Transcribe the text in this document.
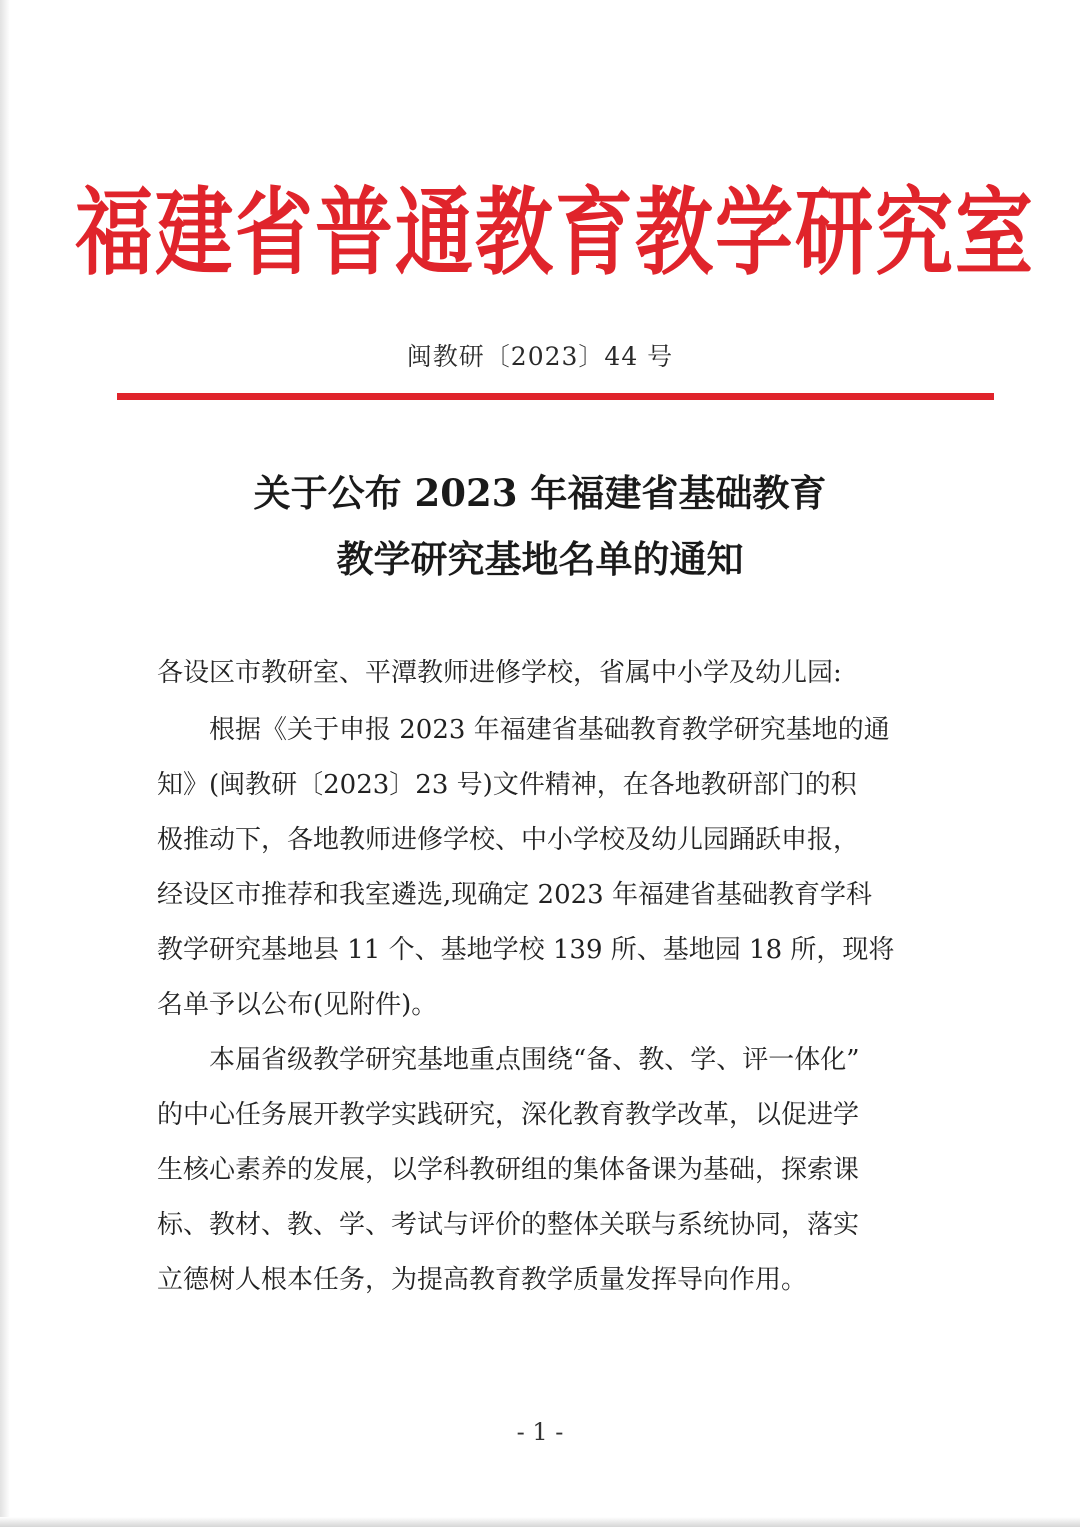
福建省普通教育教学研究室
闽教研〔2023〕44 号
关于公布 2023 年福建省基础教育
教学研究基地名单的通知
各设区市教研室、平潭教师进修学校，省属中小学及幼儿园:
　　根据《关于申报 2023 年福建省基础教育教学研究基地的通
知》(闽教研〔2023〕23 号)文件精神，在各地教研部门的积
极推动下，各地教师进修学校、中小学校及幼儿园踊跃申报，
经设区市推荐和我室遴选,现确定 2023 年福建省基础教育学科
教学研究基地县 11 个、基地学校 139 所、基地园 18 所，现将
名单予以公布(见附件)。
　　本届省级教学研究基地重点围绕“备、教、学、评一体化”
的中心任务展开教学实践研究，深化教育教学改革，以促进学
生核心素养的发展，以学科教研组的集体备课为基础，探索课
标、教材、教、学、考试与评价的整体关联与系统协同，落实
立德树人根本任务，为提高教育教学质量发挥导向作用。
- 1 -
